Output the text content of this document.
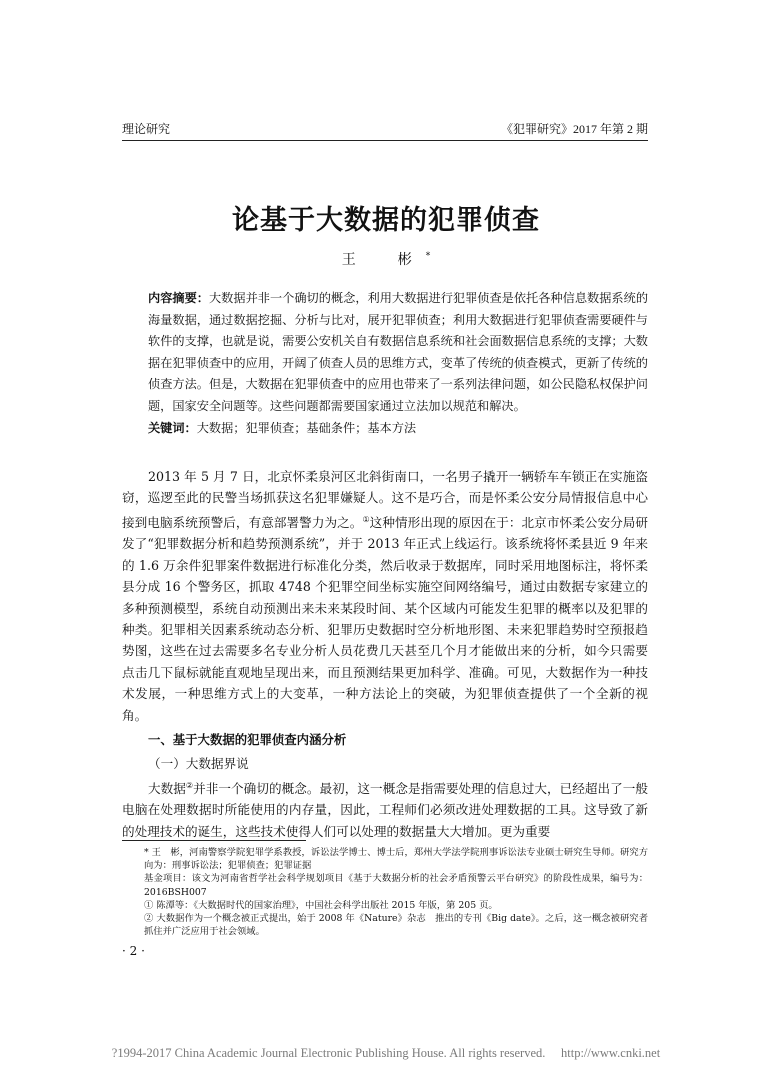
理论研究	《犯罪研究》2017 年第 2 期
论基于大数据的犯罪侦查
王　彬*
内容摘要：大数据并非一个确切的概念，利用大数据进行犯罪侦查是依托各种信息数据系统的海量数据，通过数据挖掘、分析与比对，展开犯罪侦查；利用大数据进行犯罪侦查需要硬件与软件的支撑，也就是说，需要公安机关自有数据信息系统和社会面数据信息系统的支撑；大数据在犯罪侦查中的应用，开阔了侦查人员的思维方式，变革了传统的侦查模式，更新了传统的侦查方法。但是，大数据在犯罪侦查中的应用也带来了一系列法律问题，如公民隐私权保护问题，国家安全问题等。这些问题都需要国家通过立法加以规范和解决。
关键词：大数据；犯罪侦查；基础条件；基本方法

2013 年 5 月 7 日，北京怀柔泉河区北斜街南口，一名男子撬开一辆轿车车锁正在实施盗窃，巡逻至此的民警当场抓获这名犯罪嫌疑人。这不是巧合，而是怀柔公安分局情报信息中心接到电脑系统预警后，有意部署警力为之。①这种情形出现的原因在于：北京市怀柔公安分局研发了“犯罪数据分析和趋势预测系统”，并于 2013 年正式上线运行。该系统将怀柔县近 9 年来的 1.6 万余件犯罪案件数据进行标准化分类，然后收录于数据库，同时采用地图标注，将怀柔县分成 16 个警务区，抓取 4748 个犯罪空间坐标实施空间网络编号，通过由数据专家建立的多种预测模型，系统自动预测出来未来某段时间、某个区域内可能发生犯罪的概率以及犯罪的种类。犯罪相关因素系统动态分析、犯罪历史数据时空分析地形图、未来犯罪趋势时空预报趋势图，这些在过去需要多名专业分析人员花费几天甚至几个月才能做出来的分析，如今只需要点击几下鼠标就能直观地呈现出来，而且预测结果更加科学、准确。可见，大数据作为一种技术发展，一种思维方式上的大变革，一种方法论上的突破，为犯罪侦查提供了一个全新的视角。

一、基于大数据的犯罪侦查内涵分析
（一）大数据界说

大数据②并非一个确切的概念。最初，这一概念是指需要处理的信息过大，已经超出了一般电脑在处理数据时所能使用的内存量，因此，工程师们必须改进处理数据的工具。这导致了新的处理技术的诞生，这些技术使得人们可以处理的数据量大大增加。更为重要

* 王　彬，河南警察学院犯罪学系教授，诉讼法学博士、博士后，郑州大学法学院刑事诉讼法专业硕士研究生导师。研究方向为：刑事诉讼法；犯罪侦查；犯罪证据
基金项目：该文为河南省哲学社会科学规划项目《基于大数据分析的社会矛盾预警云平台研究》的阶段性成果，编号为：2016BSH007
① 陈潭等：《大数据时代的国家治理》，中国社会科学出版社 2015 年版，第 205 页。
② 大数据作为一个概念被正式提出，始于 2008 年《Nature》杂志　推出的专刊《Big date》。之后，这一概念被研究者抓住并广泛应用于社会领域。
· 2 ·
?1994-2017 China Academic Journal Electronic Publishing House. All rights reserved.　 http://www.cnki.net
